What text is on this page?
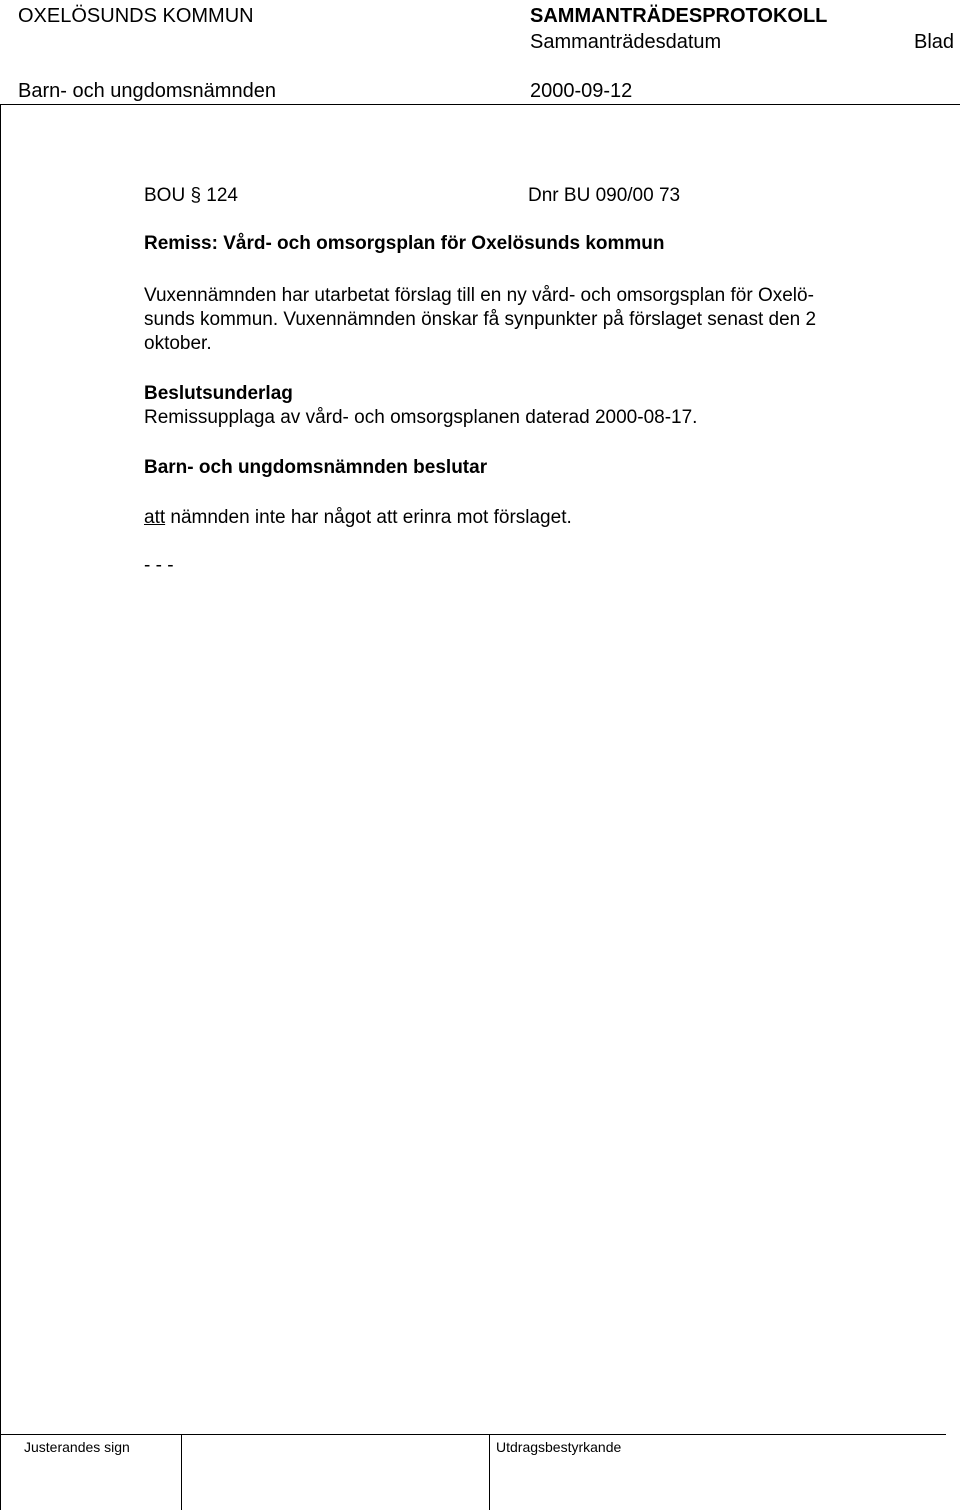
OXELÖSUNDS KOMMUN	SAMMANTRÄDESPROTOKOLL
Sammanträdesdatum	Blad
Barn- och ungdomsnämnden	2000-09-12
BOU § 124	Dnr BU 090/00 73
Remiss: Vård- och omsorgsplan för Oxelösunds kommun
Vuxennämnden har utarbetat förslag till en ny vård- och omsorgsplan för Oxelö-
sunds kommun. Vuxennämnden önskar få synpunkter på förslaget senast den 2
oktober.
Beslutsunderlag
Remissupplaga av vård- och omsorgsplanen daterad 2000-08-17.
Barn- och ungdomsnämnden beslutar
att nämnden inte har något att erinra mot förslaget.
- - -
Justerandes sign	Utdragsbestyrkande
